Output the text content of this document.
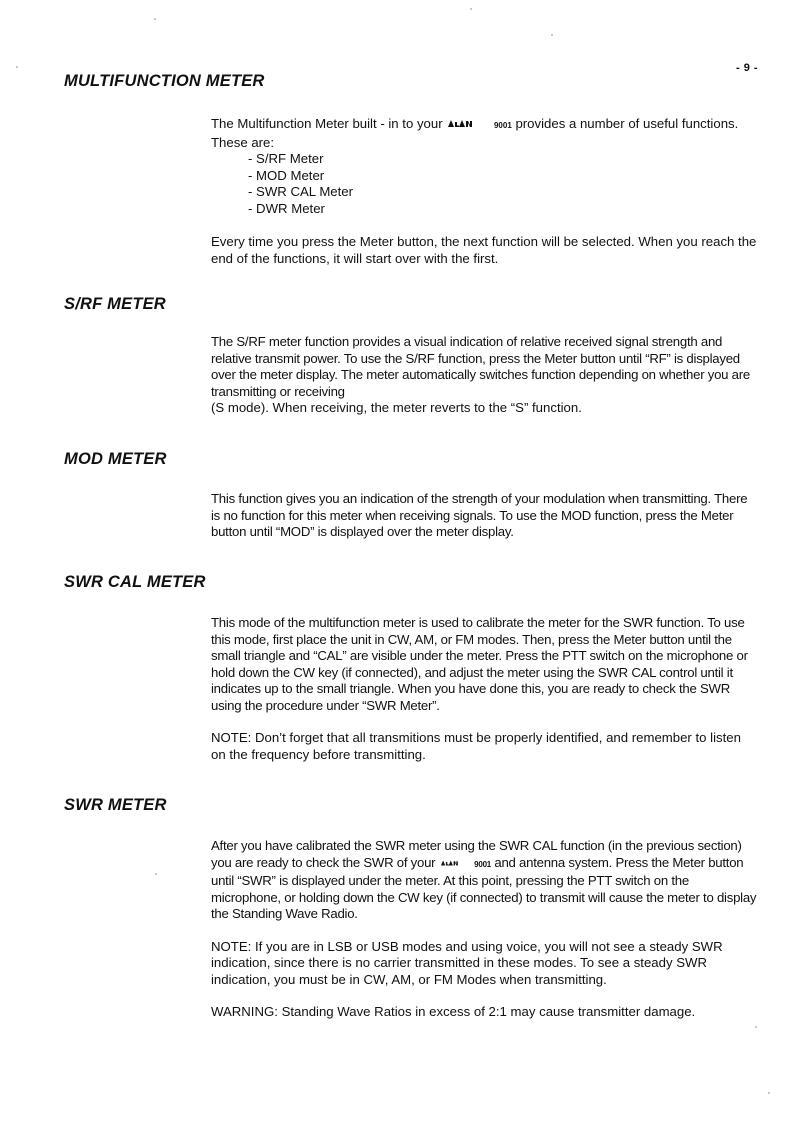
- 9 -
MULTIFUNCTION METER

The Multifunction Meter built - in to your	9001 provides a number of useful functions. These are:

- S/RF Meter
- MOD Meter
- SWR CAL Meter
- DWR Meter

Every time you press the Meter button, the next function will be selected. When you reach the end of the functions, it will start over with the first.

S/RF METER

The S/RF meter function provides a visual indication of relative received signal strength and relative transmit power. To use the S/RF function, press the Meter button until “RF” is displayed over the meter display. The meter automatically switches function depending on whether you are transmitting or receiving

(S mode). When receiving, the meter reverts to the “S” function.

MOD METER

This function gives you an indication of the strength of your modulation when transmitting. There is no function for this meter when receiving signals. To use the MOD function, press the Meter button until “MOD” is displayed over the meter display.

SWR CAL METER

This mode of the multifunction meter is used to calibrate the meter for the SWR function. To use this mode, first place the unit in CW, AM, or FM modes. Then, press the Meter button until the small triangle and “CAL” are visible under the meter. Press the PTT switch on the microphone or hold down the CW key (if connected), and adjust the meter using the SWR CAL control until it indicates up to the small triangle. When you have done this, you are ready to check the SWR using the procedure under “SWR Meter”.

NOTE: Don’t forget that all transmitions must be properly identified, and remember to listen on the frequency before transmitting.

SWR METER

After you have calibrated the SWR meter using the SWR CAL function (in the previous section) you are ready to check the SWR of your	9001 and antenna system. Press the Meter button until “SWR” is displayed under the meter. At this point, pressing the PTT switch on the microphone, or holding down the CW key (if connected) to transmit will cause the meter to display the Standing Wave Radio.

NOTE: If you are in LSB or USB modes and using voice, you will not see a steady SWR indication, since there is no carrier transmitted in these modes. To see a steady SWR indication, you must be in CW, AM, or FM Modes when transmitting.

WARNING: Standing Wave Ratios in excess of 2:1 may cause transmitter damage.
